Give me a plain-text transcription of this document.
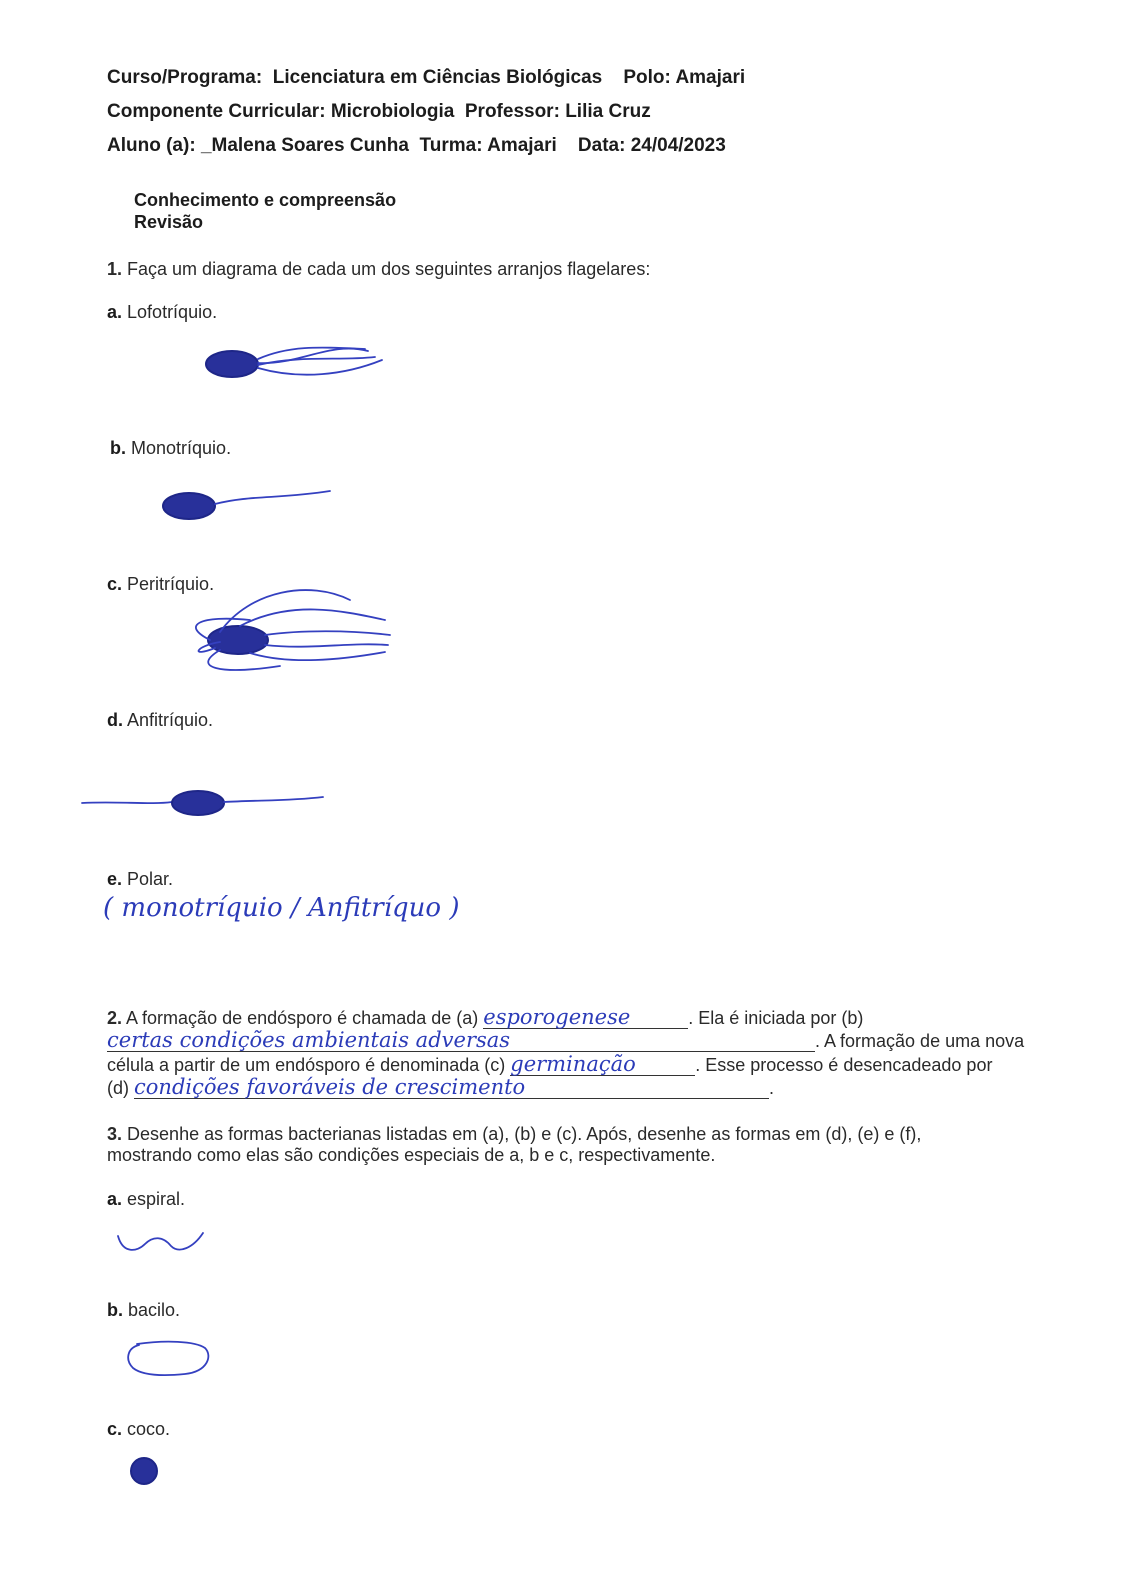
Curso/Programa: Licenciatura em Ciências Biológicas Polo: Amajari
Componente Curricular: Microbiologia Professor: Lilia Cruz
Aluno (a): _Malena Soares Cunha Turma: Amajari Data: 24/04/2023
Conhecimento e compreensão
Revisão
1. Faça um diagrama de cada um dos seguintes arranjos flagelares:
a. Lofotríquio.
b. Monotríquio.
c. Peritríquio.
d. Anfitríquio.
e. Polar.
( monotríquio / Anfitríquo )
2. A formação de endósporo é chamada de (a) esporogenese	. Ela é iniciada por (b)
certas condições ambientais adversas	. A formação de uma nova
célula a partir de um endósporo é denominada (c) germinação	. Esse processo é desencadeado por
(d) condições favoráveis de crescimento	.
3. Desenhe as formas bacterianas listadas em (a), (b) e (c). Após, desenhe as formas em (d), (e) e (f),
mostrando como elas são condições especiais de a, b e c, respectivamente.
a. espiral.
b. bacilo.
c. coco.
